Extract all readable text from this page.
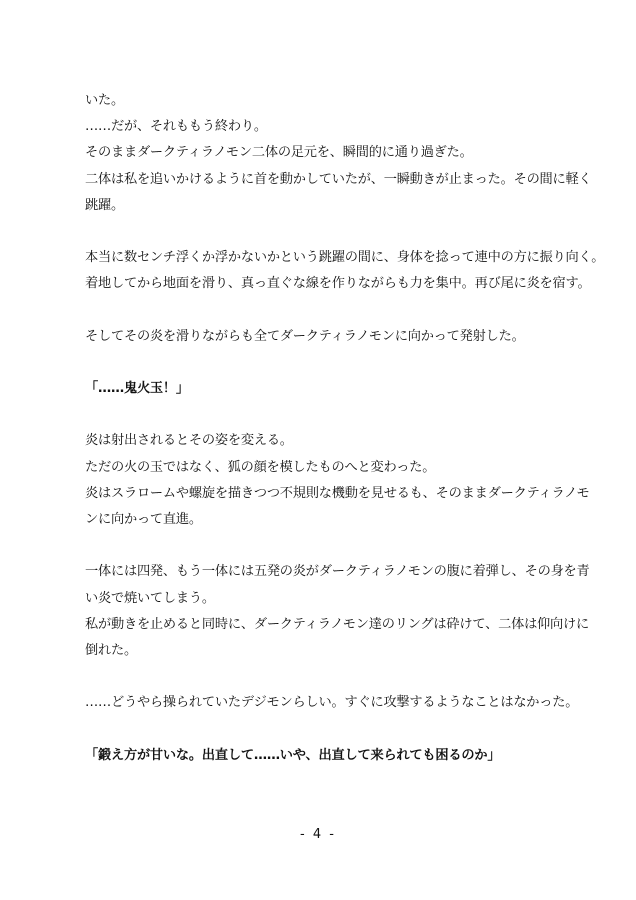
いた。
……だが、それももう終わり。
そのままダークティラノモン二体の足元を、瞬間的に通り過ぎた。
二体は私を追いかけるように首を動かしていたが、一瞬動きが止まった。その間に軽く
跳躍。
本当に数センチ浮くか浮かないかという跳躍の間に、身体を捻って連中の方に振り向く。
着地してから地面を滑り、真っ直ぐな線を作りながらも力を集中。再び尾に炎を宿す。
そしてその炎を滑りながらも全てダークティラノモンに向かって発射した。
「……鬼火玉！」
炎は射出されるとその姿を変える。
ただの火の玉ではなく、狐の顔を模したものへと変わった。
炎はスラロームや螺旋を描きつつ不規則な機動を見せるも、そのままダークティラノモ
ンに向かって直進。
一体には四発、もう一体には五発の炎がダークティラノモンの腹に着弾し、その身を青
い炎で焼いてしまう。
私が動きを止めると同時に、ダークティラノモン達のリングは砕けて、二体は仰向けに
倒れた。
……どうやら操られていたデジモンらしい。すぐに攻撃するようなことはなかった。
「鍛え方が甘いな。出直して……いや、出直して来られても困るのか」
- 4 -
